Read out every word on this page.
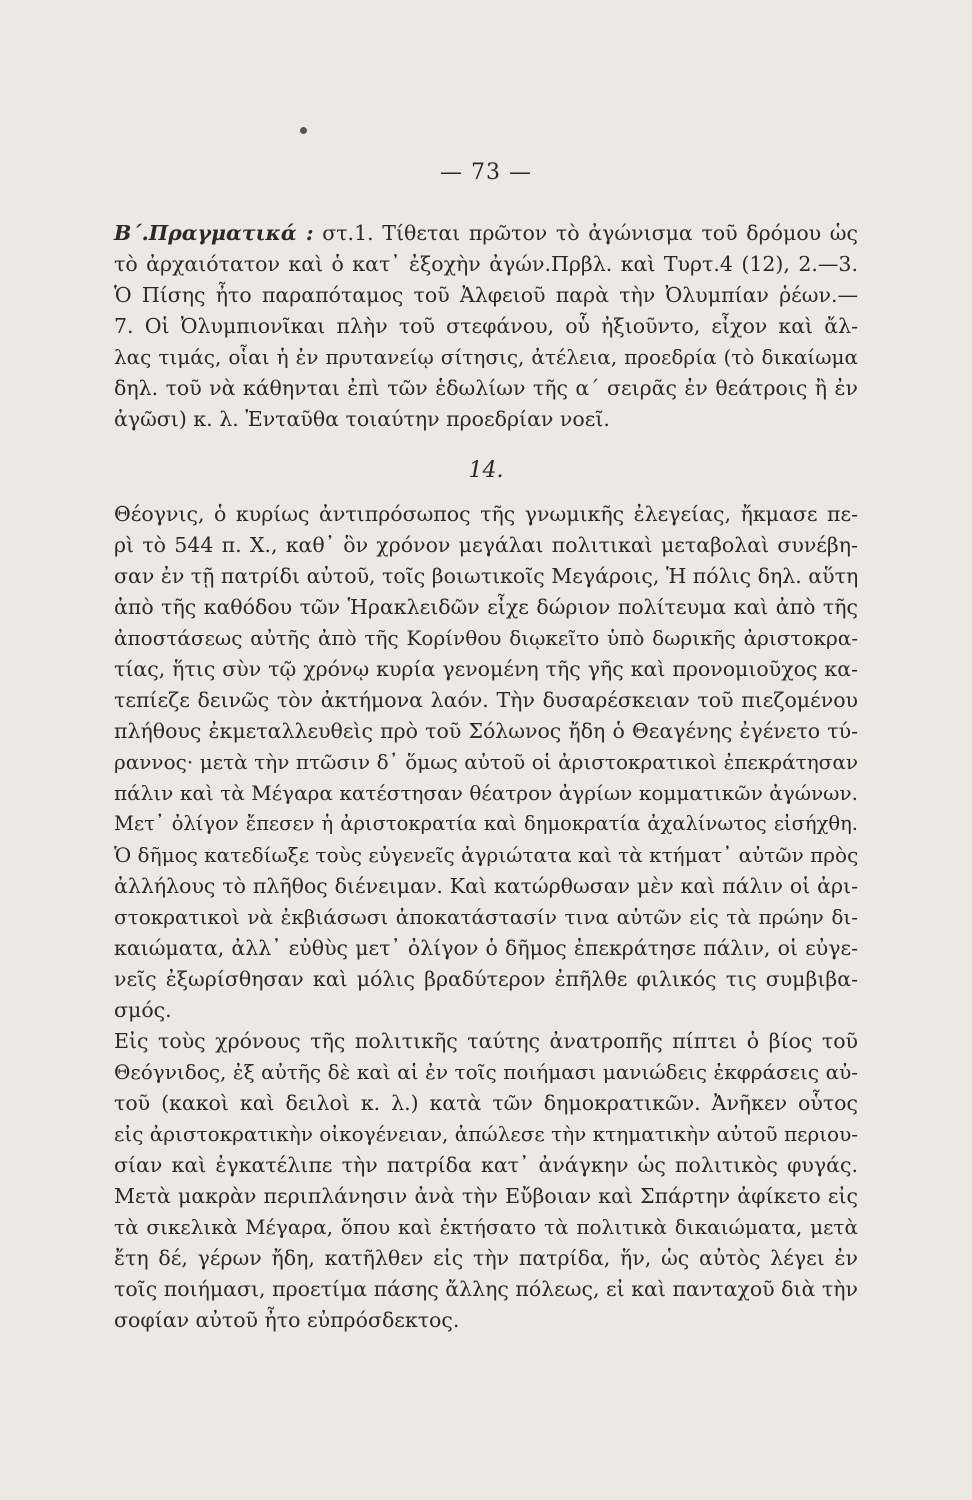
— 73 —
Β΄.Πραγματικά : στ.1. Τίθεται πρῶτον τὸ ἀγώνισμα τοῦ δρόμου ὡς
τὸ ἀρχαιότατον καὶ ὁ κατ᾿ ἐξοχὴν ἀγών.Πρβλ. καὶ Τυρτ.4 (12), 2.—3.
Ὁ Πίσης ἦτο παραπόταμος τοῦ Ἀλφειοῦ παρὰ τὴν Ὀλυμπίαν ῥέων.—
7. Οἱ Ὀλυμπιονῖκαι πλὴν τοῦ στεφάνου, οὗ ἠξιοῦντο, εἶχον καὶ ἄλ-
λας τιμάς, οἷαι ἡ ἐν πρυτανείῳ σίτησις, ἀτέλεια, προεδρία (τὸ δικαίωμα
δηλ. τοῦ νὰ κάθηνται ἐπὶ τῶν ἑδωλίων τῆς α΄ σειρᾶς ἐν θεάτροις ἢ ἐν
ἀγῶσι) κ. λ. Ἐνταῦθα τοιαύτην προεδρίαν νοεῖ.
14.
Θέογνις, ὁ κυρίως ἀντιπρόσωπος τῆς γνωμικῆς ἐλεγείας, ἤκμασε πε-
ρὶ τὸ 544 π. Χ., καθ᾿ ὃν χρόνον μεγάλαι πολιτικαὶ μεταβολαὶ συνέβη-
σαν ἐν τῇ πατρίδι αὐτοῦ, τοῖς βοιωτικοῖς Μεγάροις, Ἡ πόλις δηλ. αὕτη
ἀπὸ τῆς καθόδου τῶν Ἡρακλειδῶν εἶχε δώριον πολίτευμα καὶ ἀπὸ τῆς
ἀποστάσεως αὐτῆς ἀπὸ τῆς Κορίνθου διῳκεῖτο ὑπὸ δωρικῆς ἀριστοκρα-
τίας, ἥτις σὺν τῷ χρόνῳ κυρία γενομένη τῆς γῆς καὶ προνομιοῦχος κα-
τεπίεζε δεινῶς τὸν ἀκτήμονα λαόν. Τὴν δυσαρέσκειαν τοῦ πιεζομένου
πλήθους ἐκμεταλλευθεὶς πρὸ τοῦ Σόλωνος ἤδη ὁ Θεαγένης ἐγένετο τύ-
ραννος· μετὰ τὴν πτῶσιν δ᾿ ὅμως αὐτοῦ οἱ ἀριστοκρατικοὶ ἐπεκράτησαν
πάλιν καὶ τὰ Μέγαρα κατέστησαν θέατρον ἀγρίων κομματικῶν ἀγώνων.
Μετ᾿ ὀλίγον ἔπεσεν ἡ ἀριστοκρατία καὶ δημοκρατία ἀχαλίνωτος εἰσήχθη.
Ὁ δῆμος κατεδίωξε τοὺς εὐγενεῖς ἀγριώτατα καὶ τὰ κτήματ᾿ αὐτῶν πρὸς
ἀλλήλους τὸ πλῆθος διένειμαν. Καὶ κατώρθωσαν μὲν καὶ πάλιν οἱ ἀρι-
στοκρατικοὶ νὰ ἐκβιάσωσι ἀποκατάστασίν τινα αὐτῶν εἰς τὰ πρώην δι-
καιώματα, ἀλλ᾿ εὐθὺς μετ᾿ ὀλίγον ὁ δῆμος ἐπεκράτησε πάλιν, οἱ εὐγε-
νεῖς ἐξωρίσθησαν καὶ μόλις βραδύτερον ἐπῆλθε φιλικός τις συμβιβα-
σμός.
Εἰς τοὺς χρόνους τῆς πολιτικῆς ταύτης ἀνατροπῆς πίπτει ὁ βίος τοῦ
Θεόγνιδος, ἐξ αὐτῆς δὲ καὶ αἱ ἐν τοῖς ποιήμασι μανιώδεις ἐκφράσεις αὐ-
τοῦ (κακοὶ καὶ δειλοὶ κ. λ.) κατὰ τῶν δημοκρατικῶν. Ἀνῆκεν οὗτος
εἰς ἀριστοκρατικὴν οἰκογένειαν, ἀπώλεσε τὴν κτηματικὴν αὐτοῦ περιου-
σίαν καὶ ἐγκατέλιπε τὴν πατρίδα κατ᾿ ἀνάγκην ὡς πολιτικὸς φυγάς.
Μετὰ μακρὰν περιπλάνησιν ἀνὰ τὴν Εὔβοιαν καὶ Σπάρτην ἀφίκετο εἰς
τὰ σικελικὰ Μέγαρα, ὅπου καὶ ἐκτήσατο τὰ πολιτικὰ δικαιώματα, μετὰ
ἔτη δέ, γέρων ἤδη, κατῆλθεν εἰς τὴν πατρίδα, ἥν, ὡς αὐτὸς λέγει ἐν
τοῖς ποιήμασι, προετίμα πάσης ἄλλης πόλεως, εἰ καὶ πανταχοῦ διὰ τὴν
σοφίαν αὐτοῦ ἦτο εὐπρόσδεκτος.
